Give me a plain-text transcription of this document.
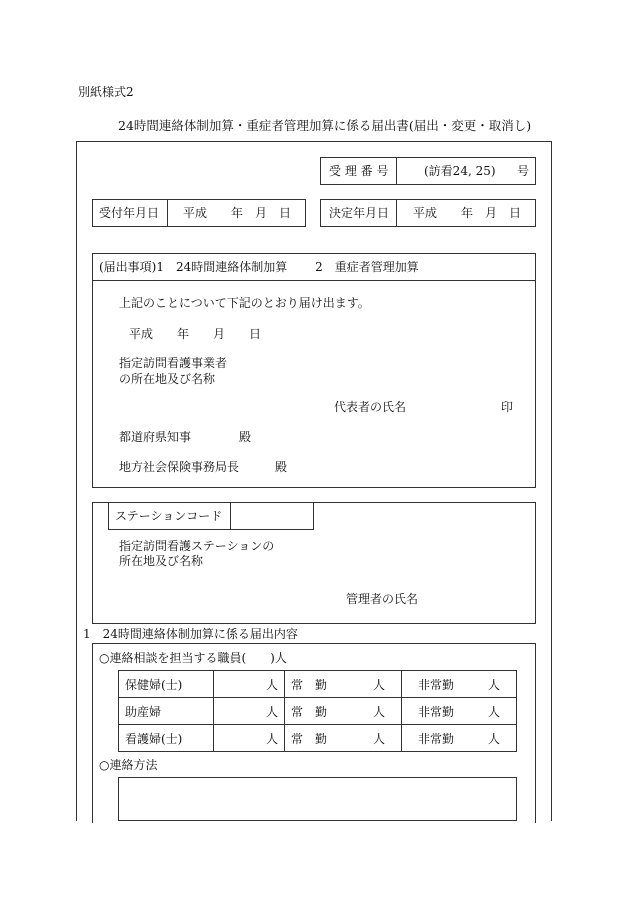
別紙様式2
24時間連絡体制加算・重症者管理加算に係る届出書(届出・変更・取消し)
受 理 番 号	(訪看24, 25) 号
受付年月日 平成　　年　月　日	決定年月日 平成　　年　月　日
(届出事項)1　24時間連絡体制加算　　 2　重症者管理加算
上記のことについて下記のとおり届け出ます。
平成　　年　　月　　日
指定訪問看護事業者
の所在地及び名称
代表者の氏名	印
都道府県知事　　　　殿
地方社会保険事務局長　　　殿
ステーションコード
指定訪問看護ステーションの
所在地及び名称
管理者の氏名
1　24時間連絡体制加算に係る届出内容
○連絡相談を担当する職員(　　)人
保健婦(士)	人	常　勤 人	非常勤 人

助産婦	人	常　勤 人	非常勤 人

看護婦(士)	人	常　勤 人	非常勤 人
○連絡方法
